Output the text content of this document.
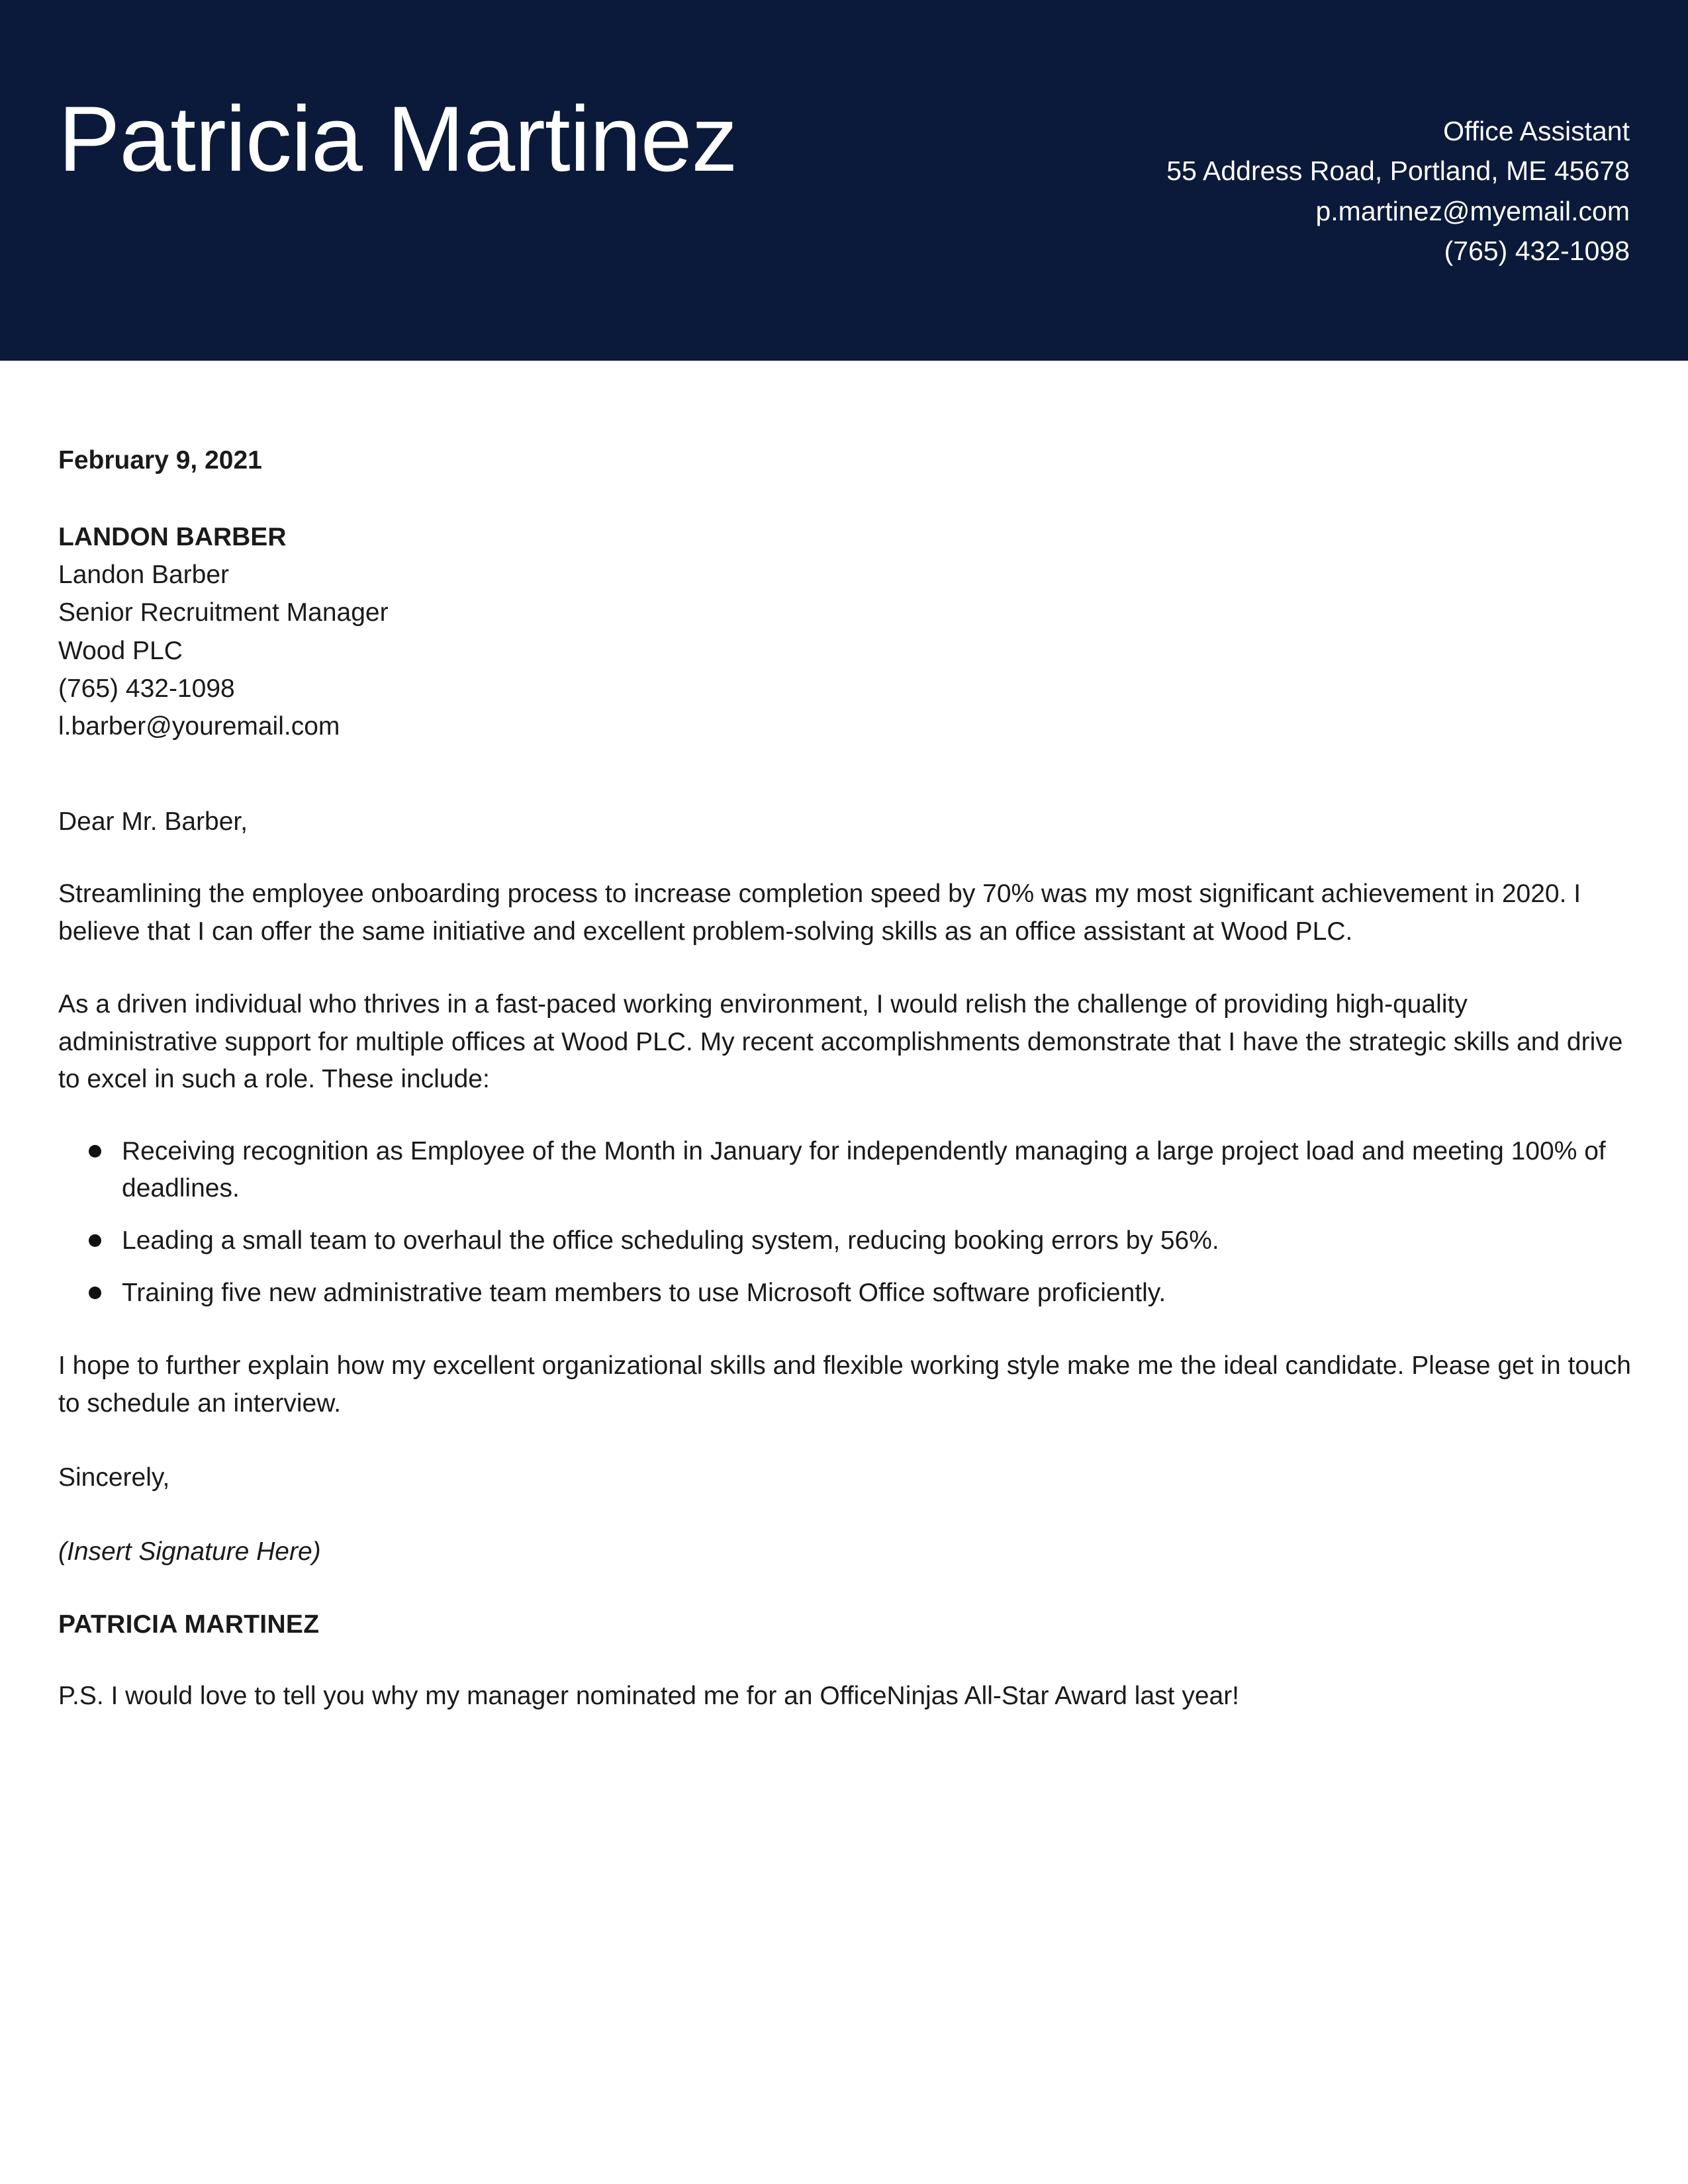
Patricia Martinez	Office Assistant
55 Address Road, Portland, ME 45678
p.martinez@myemail.com
(765) 432-1098
February 9, 2021
LANDON BARBER
Landon Barber
Senior Recruitment Manager
Wood PLC
(765) 432-1098
l.barber@youremail.com
Dear Mr. Barber,

Streamlining the employee onboarding process to increase completion speed by 70% was my most significant achievement in 2020. I believe that I can offer the same initiative and excellent problem-solving skills as an office assistant at Wood PLC.

As a driven individual who thrives in a fast-paced working environment, I would relish the challenge of providing high-quality administrative support for multiple offices at Wood PLC. My recent accomplishments demonstrate that I have the strategic skills and drive to excel in such a role. These include:

Receiving recognition as Employee of the Month in January for independently managing a large project load and meeting 100% of deadlines.
Leading a small team to overhaul the office scheduling system, reducing booking errors by 56%.
Training five new administrative team members to use Microsoft Office software proficiently.

I hope to further explain how my excellent organizational skills and flexible working style make me the ideal candidate. Please get in touch to schedule an interview.

Sincerely,
(Insert Signature Here)
PATRICIA MARTINEZ
P.S. I would love to tell you why my manager nominated me for an OfficeNinjas All-Star Award last year!
